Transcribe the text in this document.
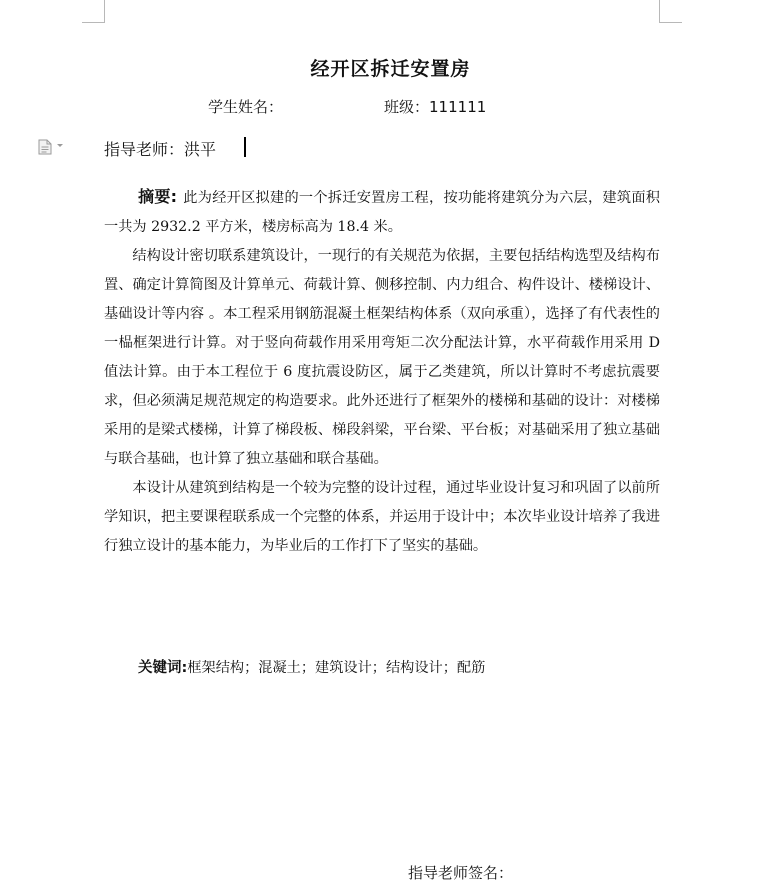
经开区拆迁安置房
学生姓名：	班级：111111
指导老师：洪平

摘要: 此为经开区拟建的一个拆迁安置房工程，按功能将建筑分为六层，建筑面积一共为 2932.2 平方米，楼房标高为 18.4 米。

结构设计密切联系建筑设计，一现行的有关规范为依据，主要包括结构选型及结构布置、确定计算简图及计算单元、荷载计算、侧移控制、内力组合、构件设计、楼梯设计、基础设计等内容 。本工程采用钢筋混凝土框架结构体系（双向承重），选择了有代表性的一榀框架进行计算。对于竖向荷载作用采用弯矩二次分配法计算，水平荷载作用采用 D 值法计算。由于本工程位于 6 度抗震设防区，属于乙类建筑，所以计算时不考虑抗震要求，但必须满足规范规定的构造要求。此外还进行了框架外的楼梯和基础的设计：对楼梯采用的是梁式楼梯，计算了梯段板、梯段斜梁，平台梁、平台板；对基础采用了独立基础与联合基础，也计算了独立基础和联合基础。

本设计从建筑到结构是一个较为完整的设计过程，通过毕业设计复习和巩固了以前所学知识，把主要课程联系成一个完整的体系，并运用于设计中；本次毕业设计培养了我进行独立设计的基本能力，为毕业后的工作打下了坚实的基础。

关键词:框架结构；混凝土；建筑设计；结构设计；配筋
指导老师签名：
